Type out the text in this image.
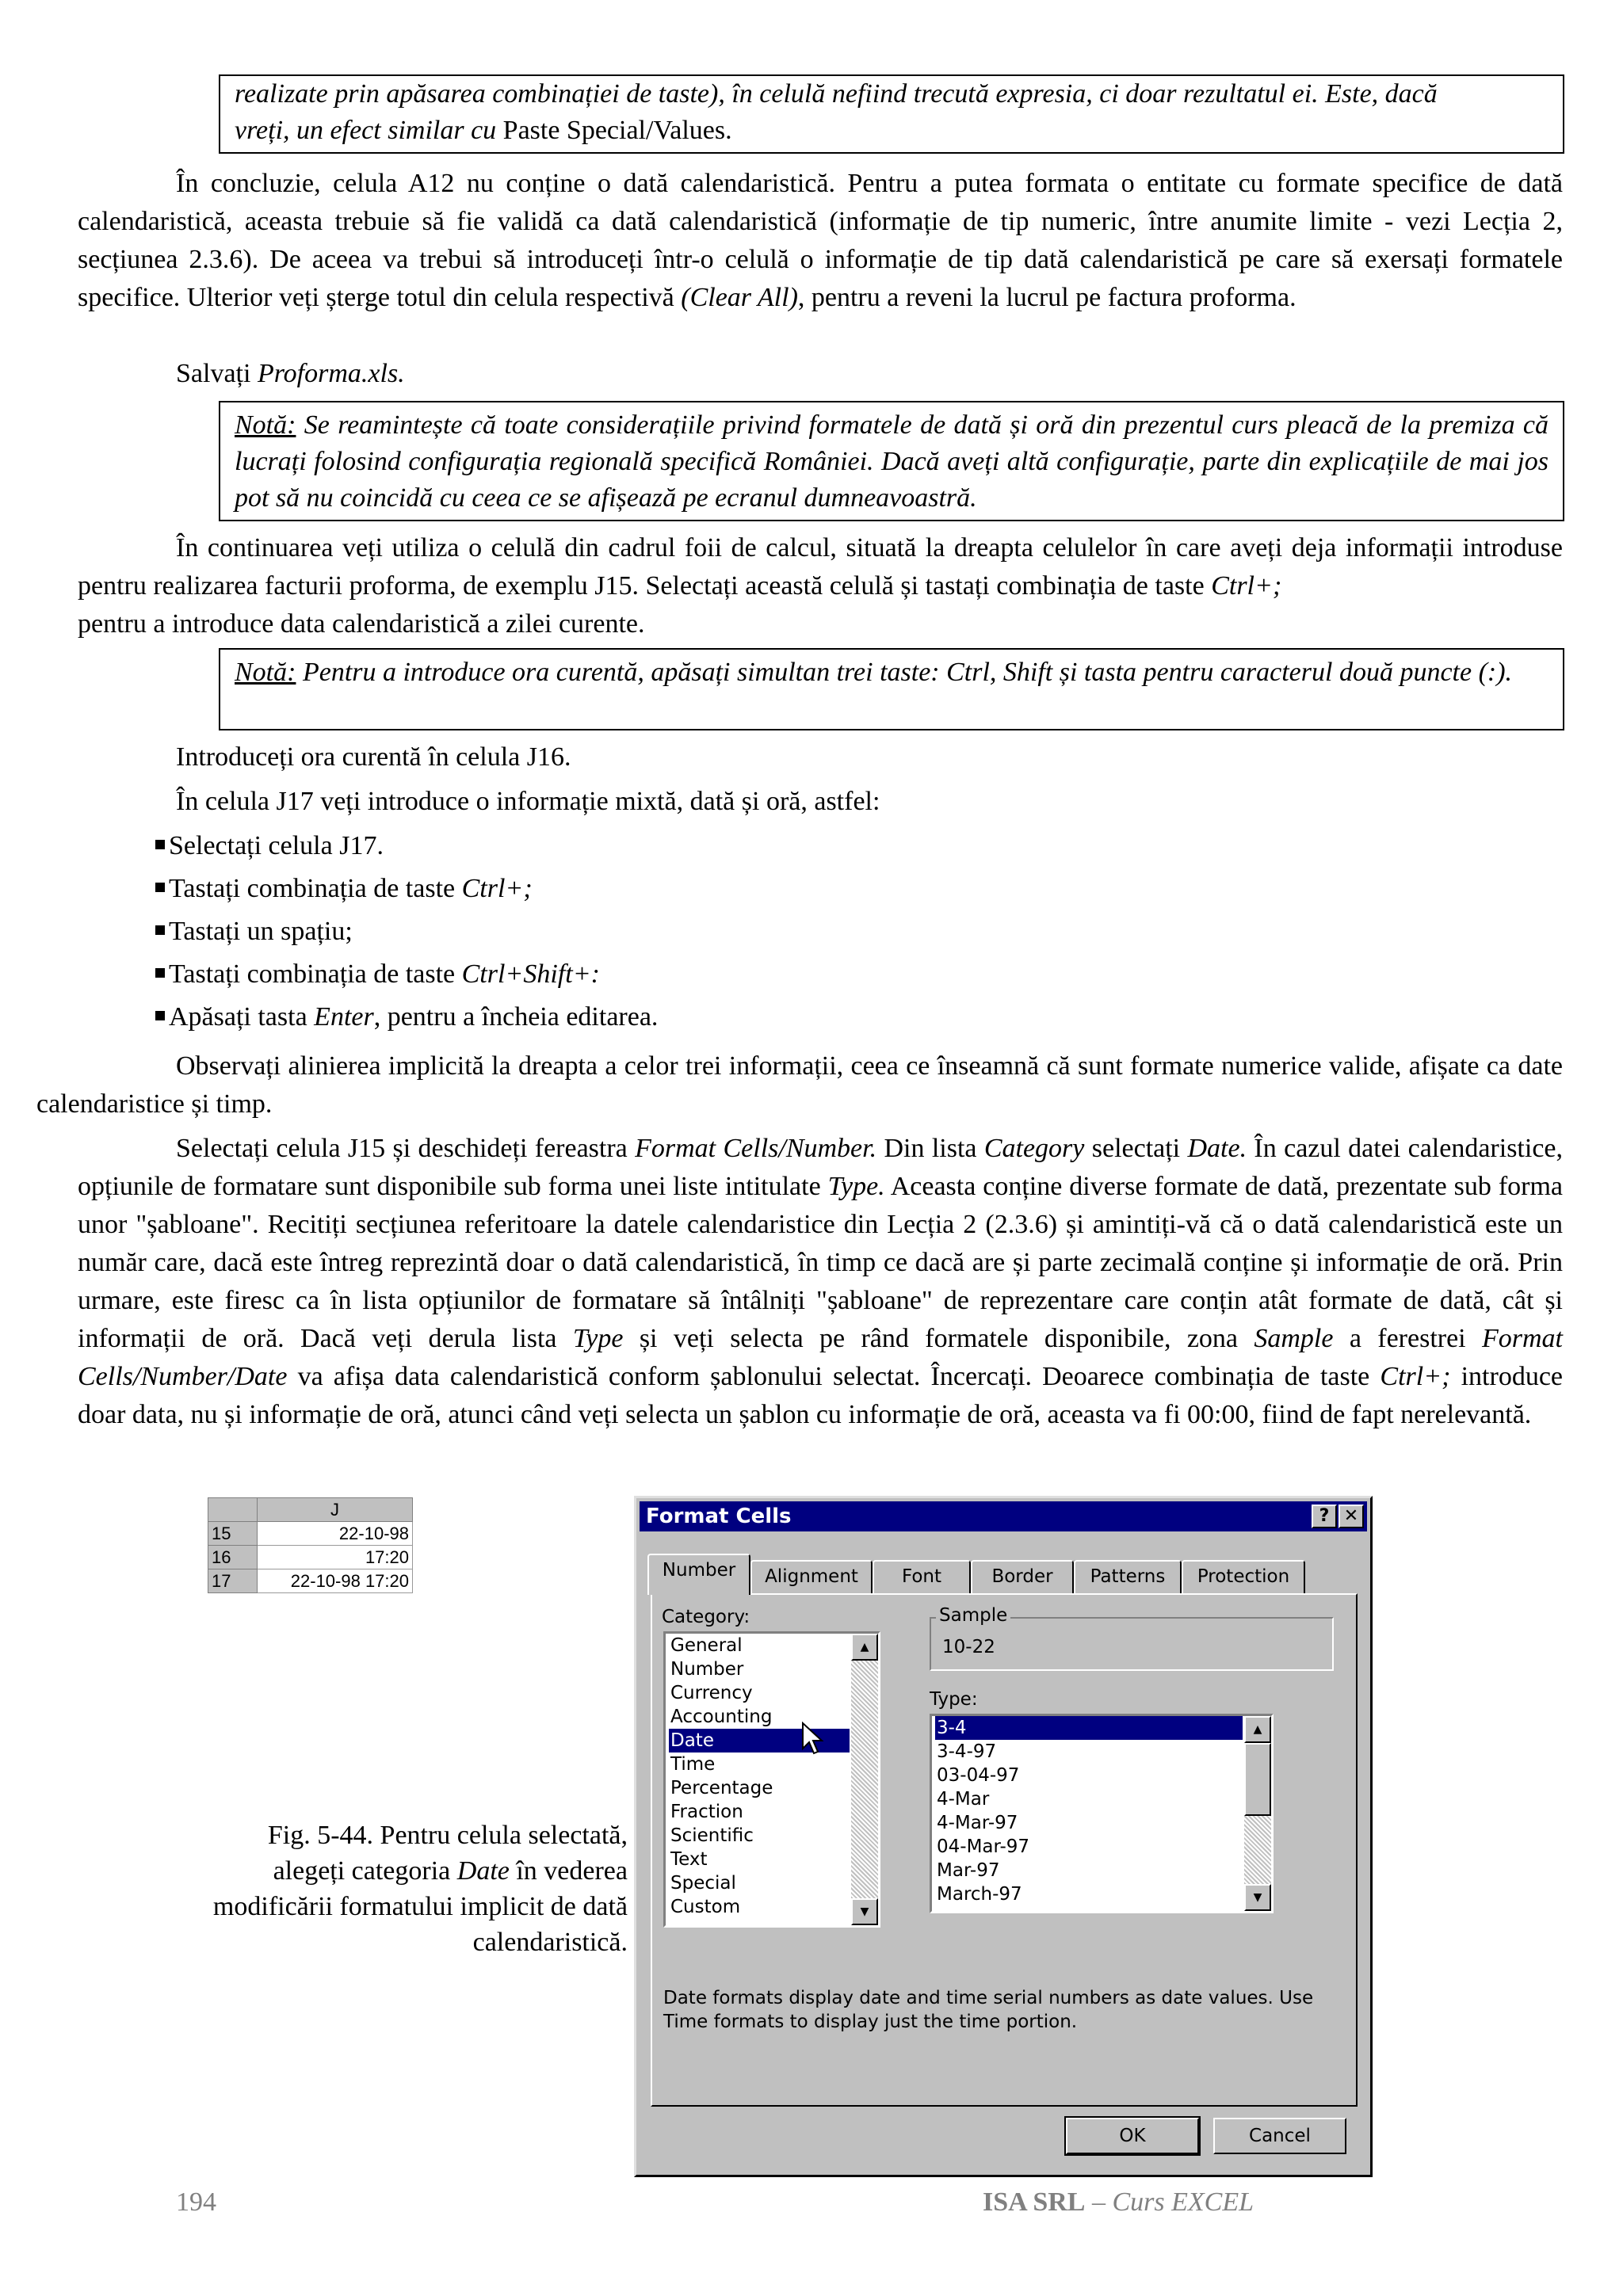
realizate prin apăsarea combinației de taste), în celulă nefiind trecută expresia, ci doar rezultatul ei. Este, dacă
vreți, un efect similar cu Paste Special/Values.

În concluzie, celula A12 nu conține o dată calendaristică. Pentru a putea formata o entitate cu formate specifice de dată calendaristică, aceasta trebuie să fie validă ca dată calendaristică (informație de tip numeric, între anumite limite - vezi Lecția 2, secțiunea 2.3.6). De aceea va trebui să introduceți într-o celulă o informație de tip dată calendaristică pe care să exersați formatele specifice. Ulterior veți șterge totul din celula respectivă (Clear All), pentru a reveni la lucrul pe factura proforma.

Salvați Proforma.xls.

Notă: Se reamintește că toate considerațiile privind formatele de dată și oră din prezentul curs pleacă de la premiza că lucrați folosind configurația regională specifică României. Dacă aveți altă configurație, parte din explicațiile de mai jos pot să nu coincidă cu ceea ce se afișează pe ecranul dumneavoastră.

În continuarea veți utiliza o celulă din cadrul foii de calcul, situată la dreapta celulelor în care aveți deja informații introduse pentru realizarea facturii proforma, de exemplu J15. Selectați această celulă și tastați combinația de taste Ctrl+;
pentru a introduce data calendaristică a zilei curente.

Notă: Pentru a introduce ora curentă, apăsați simultan trei taste: Ctrl, Shift și tasta pentru caracterul două puncte (:).

Introduceți ora curentă în celula J16.

În celula J17 veți introduce o informație mixtă, dată și oră, astfel:

Selectați celula J17.
Tastați combinația de taste Ctrl+;
Tastați un spațiu;
Tastați combinația de taste Ctrl+Shift+:
Apăsați tasta Enter, pentru a încheia editarea.

Observați alinierea implicită la dreapta a celor trei informații, ceea ce înseamnă că sunt formate numerice valide, afișate ca date calendaristice și timp.

Selectați celula J15 și deschideți fereastra Format Cells/Number. Din lista Category selectați Date. În cazul datei calendaristice, opțiunile de formatare sunt disponibile sub forma unei liste intitulate Type. Aceasta conține diverse formate de dată, prezentate sub forma unor "șabloane". Recitiți secțiunea referitoare la datele calendaristice din Lecția 2 (2.3.6) și amintiți-vă că o dată calendaristică este un număr care, dacă este întreg reprezintă doar o dată calendaristică, în timp ce dacă are și parte zecimală conține și informație de oră. Prin urmare, este firesc ca în lista opțiunilor de formatare să întâlniți "șabloane" de reprezentare care conțin atât formate de dată, cât și informații de oră. Dacă veți derula lista Type și veți selecta pe rând formatele disponibile, zona Sample a ferestrei Format Cells/Number/Date va afișa data calendaristică conform șablonului selectat. Încercați. Deoarece combinația de taste Ctrl+; introduce doar data, nu și informație de oră, atunci când veți selecta un șablon cu informație de oră, aceasta va fi 00:00, fiind de fapt nerelevantă.

	J
15	22-10-98
16	17:20
17	22-10-98 17:20
Fig. 5-44. Pentru celula selectată, alegeți categoria Date în vederea modificării formatului implicit de dată calendaristică.
Format Cells	? ✕
Number	Alignment	Font	Border	Patterns	Protection
Category:
General
Number
Currency
Accounting
Date
Time
Percentage
Fraction
Scientific
Text
Special
Custom
▲
▼
Sample
10-22
Type:
3-4
3-4-97
03-04-97
4-Mar
4-Mar-97
04-Mar-97
Mar-97
March-97
▲
▼
Date formats display date and time serial numbers as date values. Use Time formats to display just the time portion.
OK	Cancel
194	ISA SRL – Curs EXCEL
